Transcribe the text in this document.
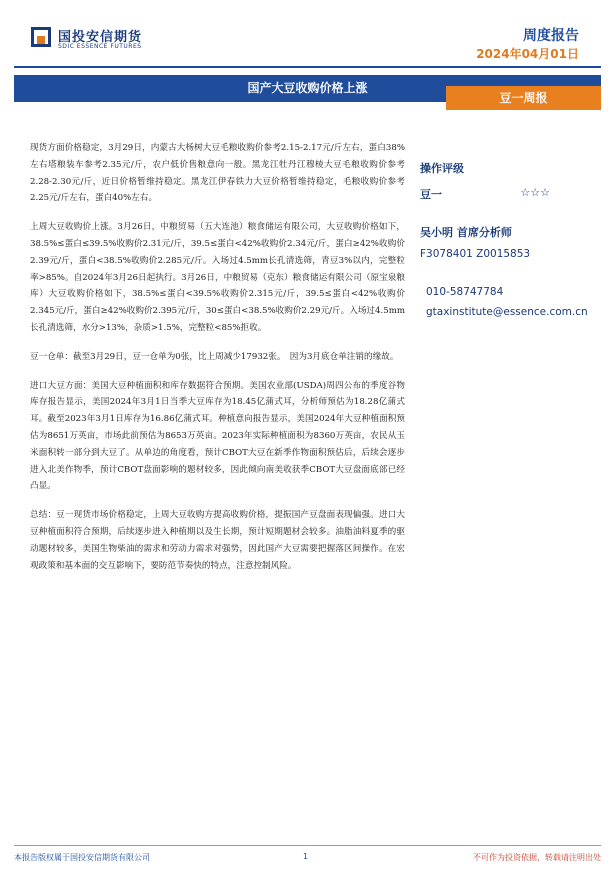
国投安信期货
SDIC ESSENCE FUTURES
周度报告
2024年04月01日
国产大豆收购价格上涨
豆一周报

现货方面价格稳定，3月29日，内蒙古大杨树大豆毛粮收购价参考2.15-2.17元/斤左右，蛋白38%左右塔粮装车参考2.35元/斤，农户低价售粮意向一般。黑龙江牡丹江穆棱大豆毛粮收购价参考2.28-2.30元/斤，近日价格暂维持稳定。黑龙江伊春铁力大豆价格暂维持稳定，毛粮收购价参考2.25元/斤左右，蛋白40%左右。

上周大豆收购价上涨。3月26日，中粮贸易（五大连池）粮食储运有限公司，大豆收购价格如下，38.5%≤蛋白≤39.5%收购价2.31元/斤，39.5≤蛋白<42%收购价2.34元/斤，蛋白≥42%收购价2.39元/斤，蛋白<38.5%收购价2.285元/斤。入场过4.5mm长孔清选筛，青豆3%以内，完整粒率>85%。自2024年3月26日起执行。3月26日，中粮贸易（克东）粮食储运有限公司（原宝泉粮库）大豆收购价格如下，38.5%≤蛋白<39.5%收购价2.315元/斤，39.5≤蛋白<42%收购价2.345元/斤，蛋白≥42%收购价2.395元/斤，30≤蛋白<38.5%收购价2.29元/斤。入场过4.5mm长孔清选筛，水分>13%，杂质>1.5%，完整粒<85%拒收。

豆一仓单：截至3月29日，豆一仓单为0张，比上周减少17932张。　因为3月底仓单注销的缘故。

进口大豆方面：美国大豆种植面积和库存数据符合预期。美国农业部(USDA)周四公布的季度谷物库存报告显示，美国2024年3月1日当季大豆库存为18.45亿蒲式耳，分析师预估为18.28亿蒲式耳。截至2023年3月1日库存为16.86亿蒲式耳。种植意向报告显示，美国2024年大豆种植面积预估为8651万英亩，市场此前预估为8653万英亩。2023年实际种植面积为8360万英亩，农民从玉米面积转一部分到大豆了。从单边的角度看，预计CBOT大豆在新季作物面积预估后，后续会逐步进入北美作物季，预计CBOT盘面影响的题材较多，因此倾向南美收获季CBOT大豆盘面底部已经凸显。

总结：豆一现货市场价格稳定，上周大豆收购方提高收购价格，提振国产豆盘面表现偏强。进口大豆种植面积符合预期，后续逐步进入种植期以及生长期，预计短期题材会较多。油脂油料夏季的驱动题材较多，美国生物柴油的需求和劳动力需求对强势，因此国产大豆需要把握落区间操作。在宏观政策和基本面的交互影响下，要防范节奏快的特点，注意控制风险。

操作评级
豆一	☆☆☆
吴小明 首席分析师
F3078401 Z0015853
010-58747784
gtaxinstitute@essence.com.cn
本报告版权属于国投安信期货有限公司	1	不可作为投资依据，转载请注明出处
